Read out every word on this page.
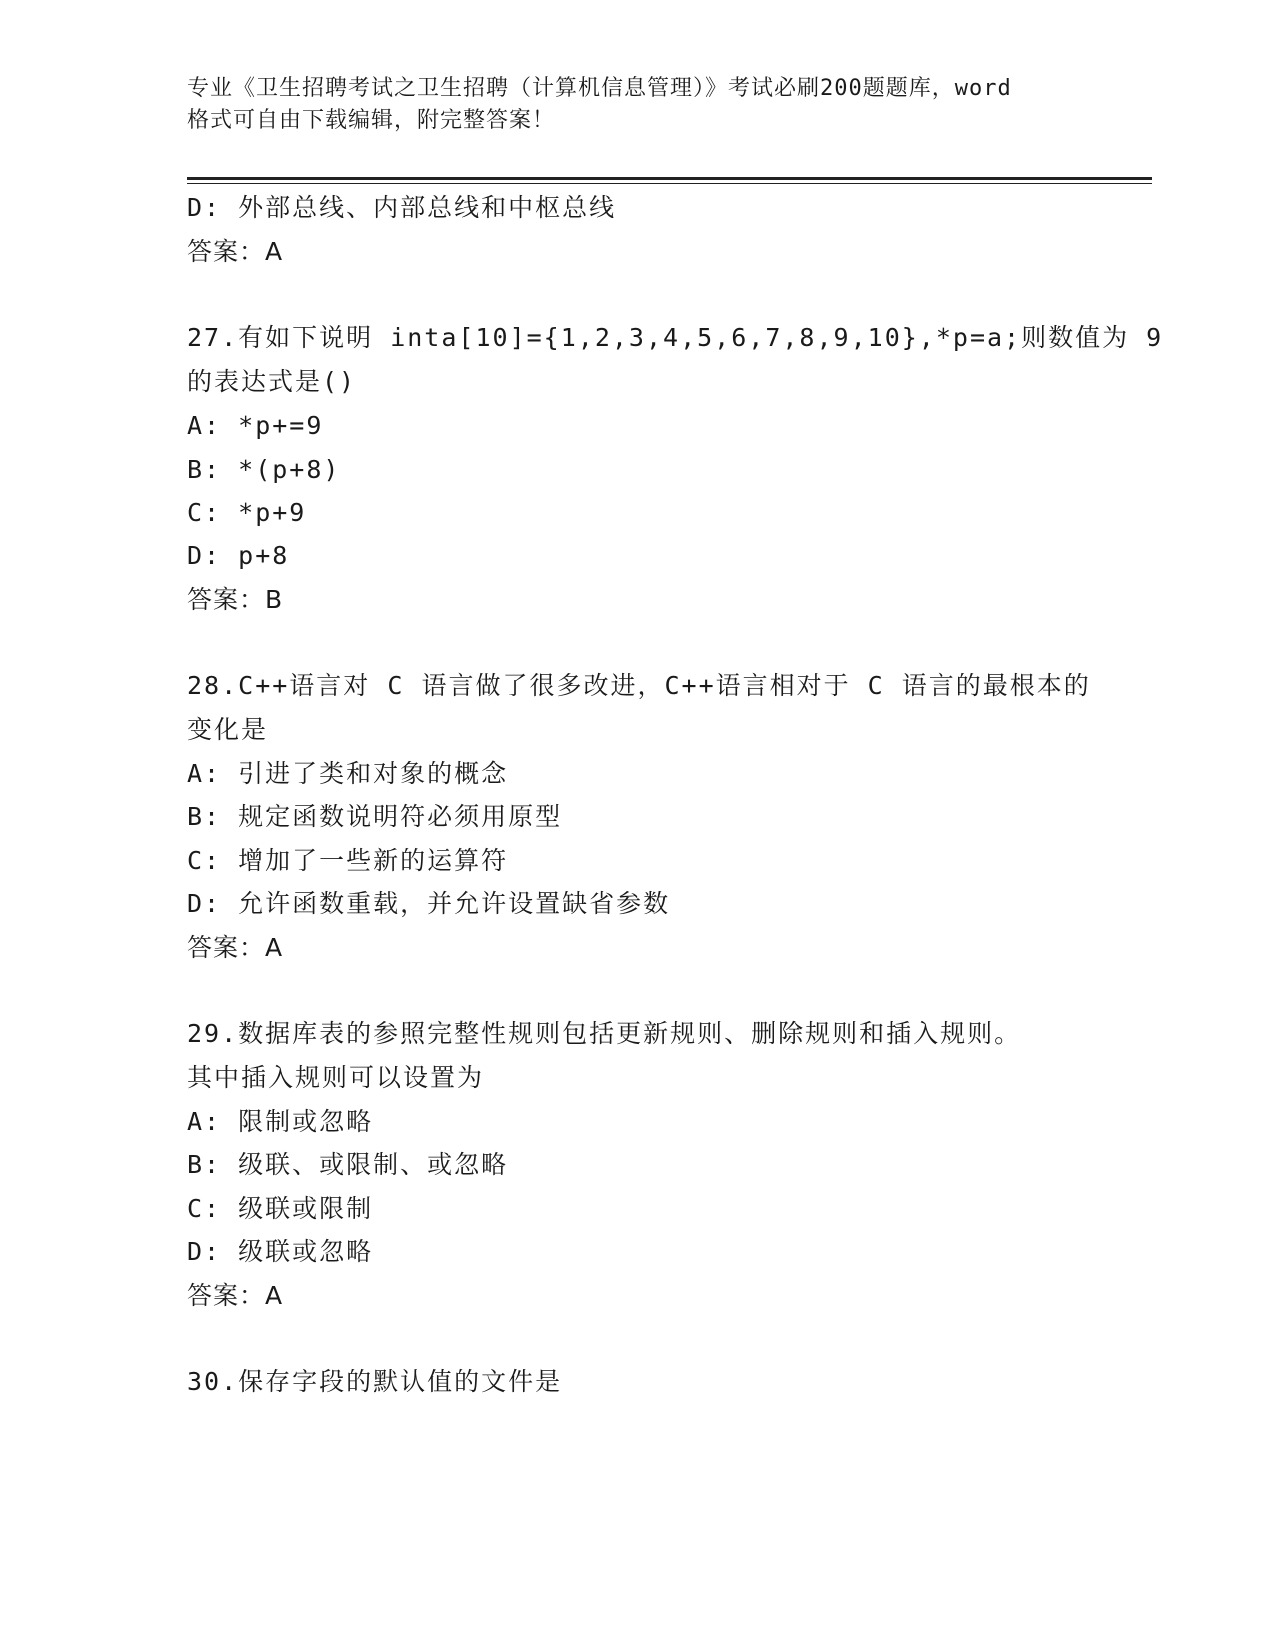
专业《卫生招聘考试之卫生招聘（计算机信息管理）》考试必刷200题题库，word
格式可自由下载编辑，附完整答案！
D: 外部总线、内部总线和中枢总线
答案：A
27.有如下说明 inta[10]={1,2,3,4,5,6,7,8,9,10},*p=a;则数值为 9
的表达式是()
A: *p+=9
B: *(p+8)
C: *p+9
D: p+8
答案：B
28.C++语言对 C 语言做了很多改进，C++语言相对于 C 语言的最根本的
变化是
A: 引进了类和对象的概念
B: 规定函数说明符必须用原型
C: 增加了一些新的运算符
D: 允许函数重载，并允许设置缺省参数
答案：A
29.数据库表的参照完整性规则包括更新规则、删除规则和插入规则。
其中插入规则可以设置为
A: 限制或忽略
B: 级联、或限制、或忽略
C: 级联或限制
D: 级联或忽略
答案：A
30.保存字段的默认值的文件是
